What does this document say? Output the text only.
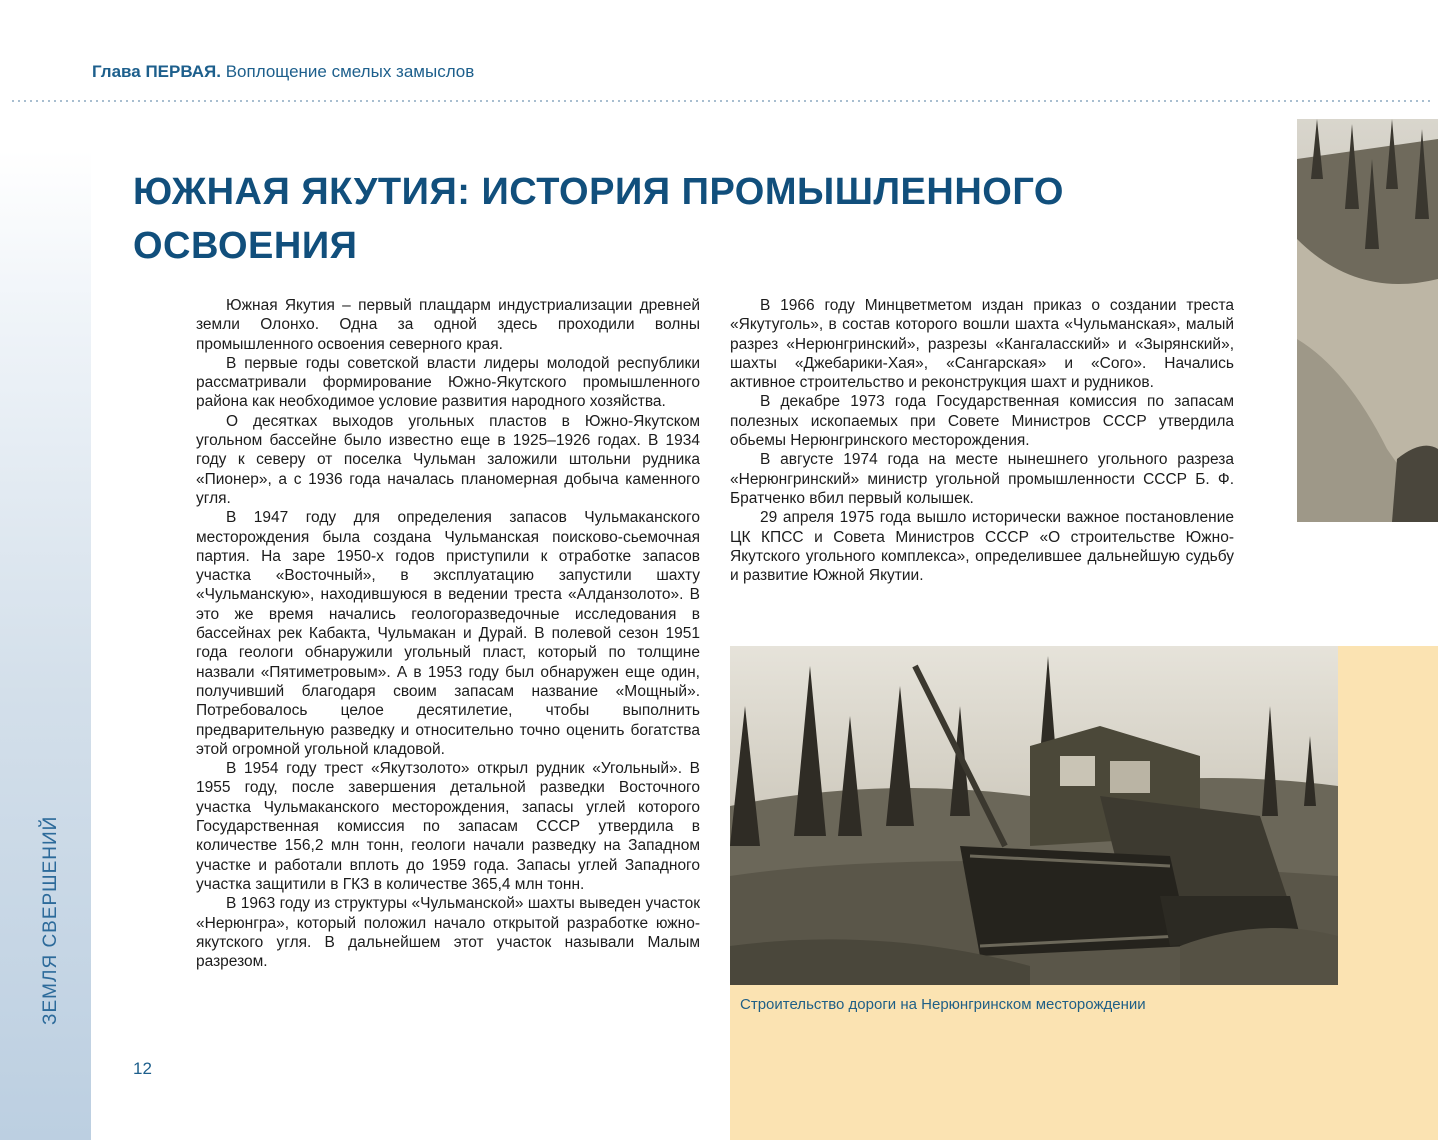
Глава ПЕРВАЯ. Воплощение смелых замыслов
ЗЕМЛЯ СВЕРШЕНИЙ
ЮЖНАЯ ЯКУТИЯ: ИСТОРИЯ ПРОМЫШЛЕННОГО ОСВОЕНИЯ

Южная Якутия – первый плацдарм индустриализации древней земли Олонхо. Одна за одной здесь проходили волны промышленного освоения северного края.

В первые годы советской власти лидеры молодой республики рассматривали формирование Южно-Якутского промышленного района как необходимое условие развития народного хозяйства.

О десятках выходов угольных пластов в Южно-Якутском угольном бассейне было известно еще в 1925–1926 годах. В 1934 году к северу от поселка Чульман заложили штольни рудника «Пионер», а с 1936 года началась планомерная добыча каменного угля.

В 1947 году для определения запасов Чульмаканского месторождения была создана Чульманская поисково-сьемочная партия. На заре 1950-х годов приступили к отработке запасов участка «Восточный», в эксплуатацию запустили шахту «Чульманскую», находившуюся в ведении треста «Алданзолото». В это же время начались геологоразведочные исследования в бассейнах рек Кабакта, Чульмакан и Дурай. В полевой сезон 1951 года геологи обнаружили угольный пласт, который по толщине назвали «Пятиметровым». А в 1953 году был обнаружен еще один, получивший благодаря своим запасам название «Мощный». Потребовалось целое десятилетие, чтобы выполнить предварительную разведку и относительно точно оценить богатства этой огромной угольной кладовой.

В 1954 году трест «Якутзолото» открыл рудник «Угольный». В 1955 году, после завершения детальной разведки Восточного участка Чульмаканского месторождения, запасы углей которого Государственная комиссия по запасам СССР утвердила в количестве 156,2 млн тонн, геологи начали разведку на Западном участке и работали вплоть до 1959 года. Запасы углей Западного участка защитили в ГКЗ в количестве 365,4 млн тонн.

В 1963 году из структуры «Чульманской» шахты выведен участок «Нерюнгра», который положил начало открытой разработке южно-якутского угля. В дальнейшем этот участок называли Малым разрезом.

В 1966 году Минцветметом издан приказ о создании треста «Якутуголь», в состав которого вошли шахта «Чульманская», малый разрез «Нерюнгринский», разрезы «Кангаласский» и «Зырянский», шахты «Джебарики-Хая», «Сангарская» и «Сого». Начались активное строительство и реконструкция шахт и рудников.

В декабре 1973 года Государственная комиссия по запасам полезных ископаемых при Совете Министров СССР утвердила обьемы Нерюнгринского месторождения.

В августе 1974 года на месте нынешнего угольного разреза «Нерюнгринский» министр угольной промышленности СССР Б. Ф. Братченко вбил первый колышек.

29 апреля 1975 года вышло исторически важное постановление ЦК КПСС и Совета Министров СССР «О строительстве Южно-Якутского угольного комплекса», определившее дальнейшую судьбу и развитие Южной Якутии.

Строительство дороги на Нерюнгринском месторождении
12
